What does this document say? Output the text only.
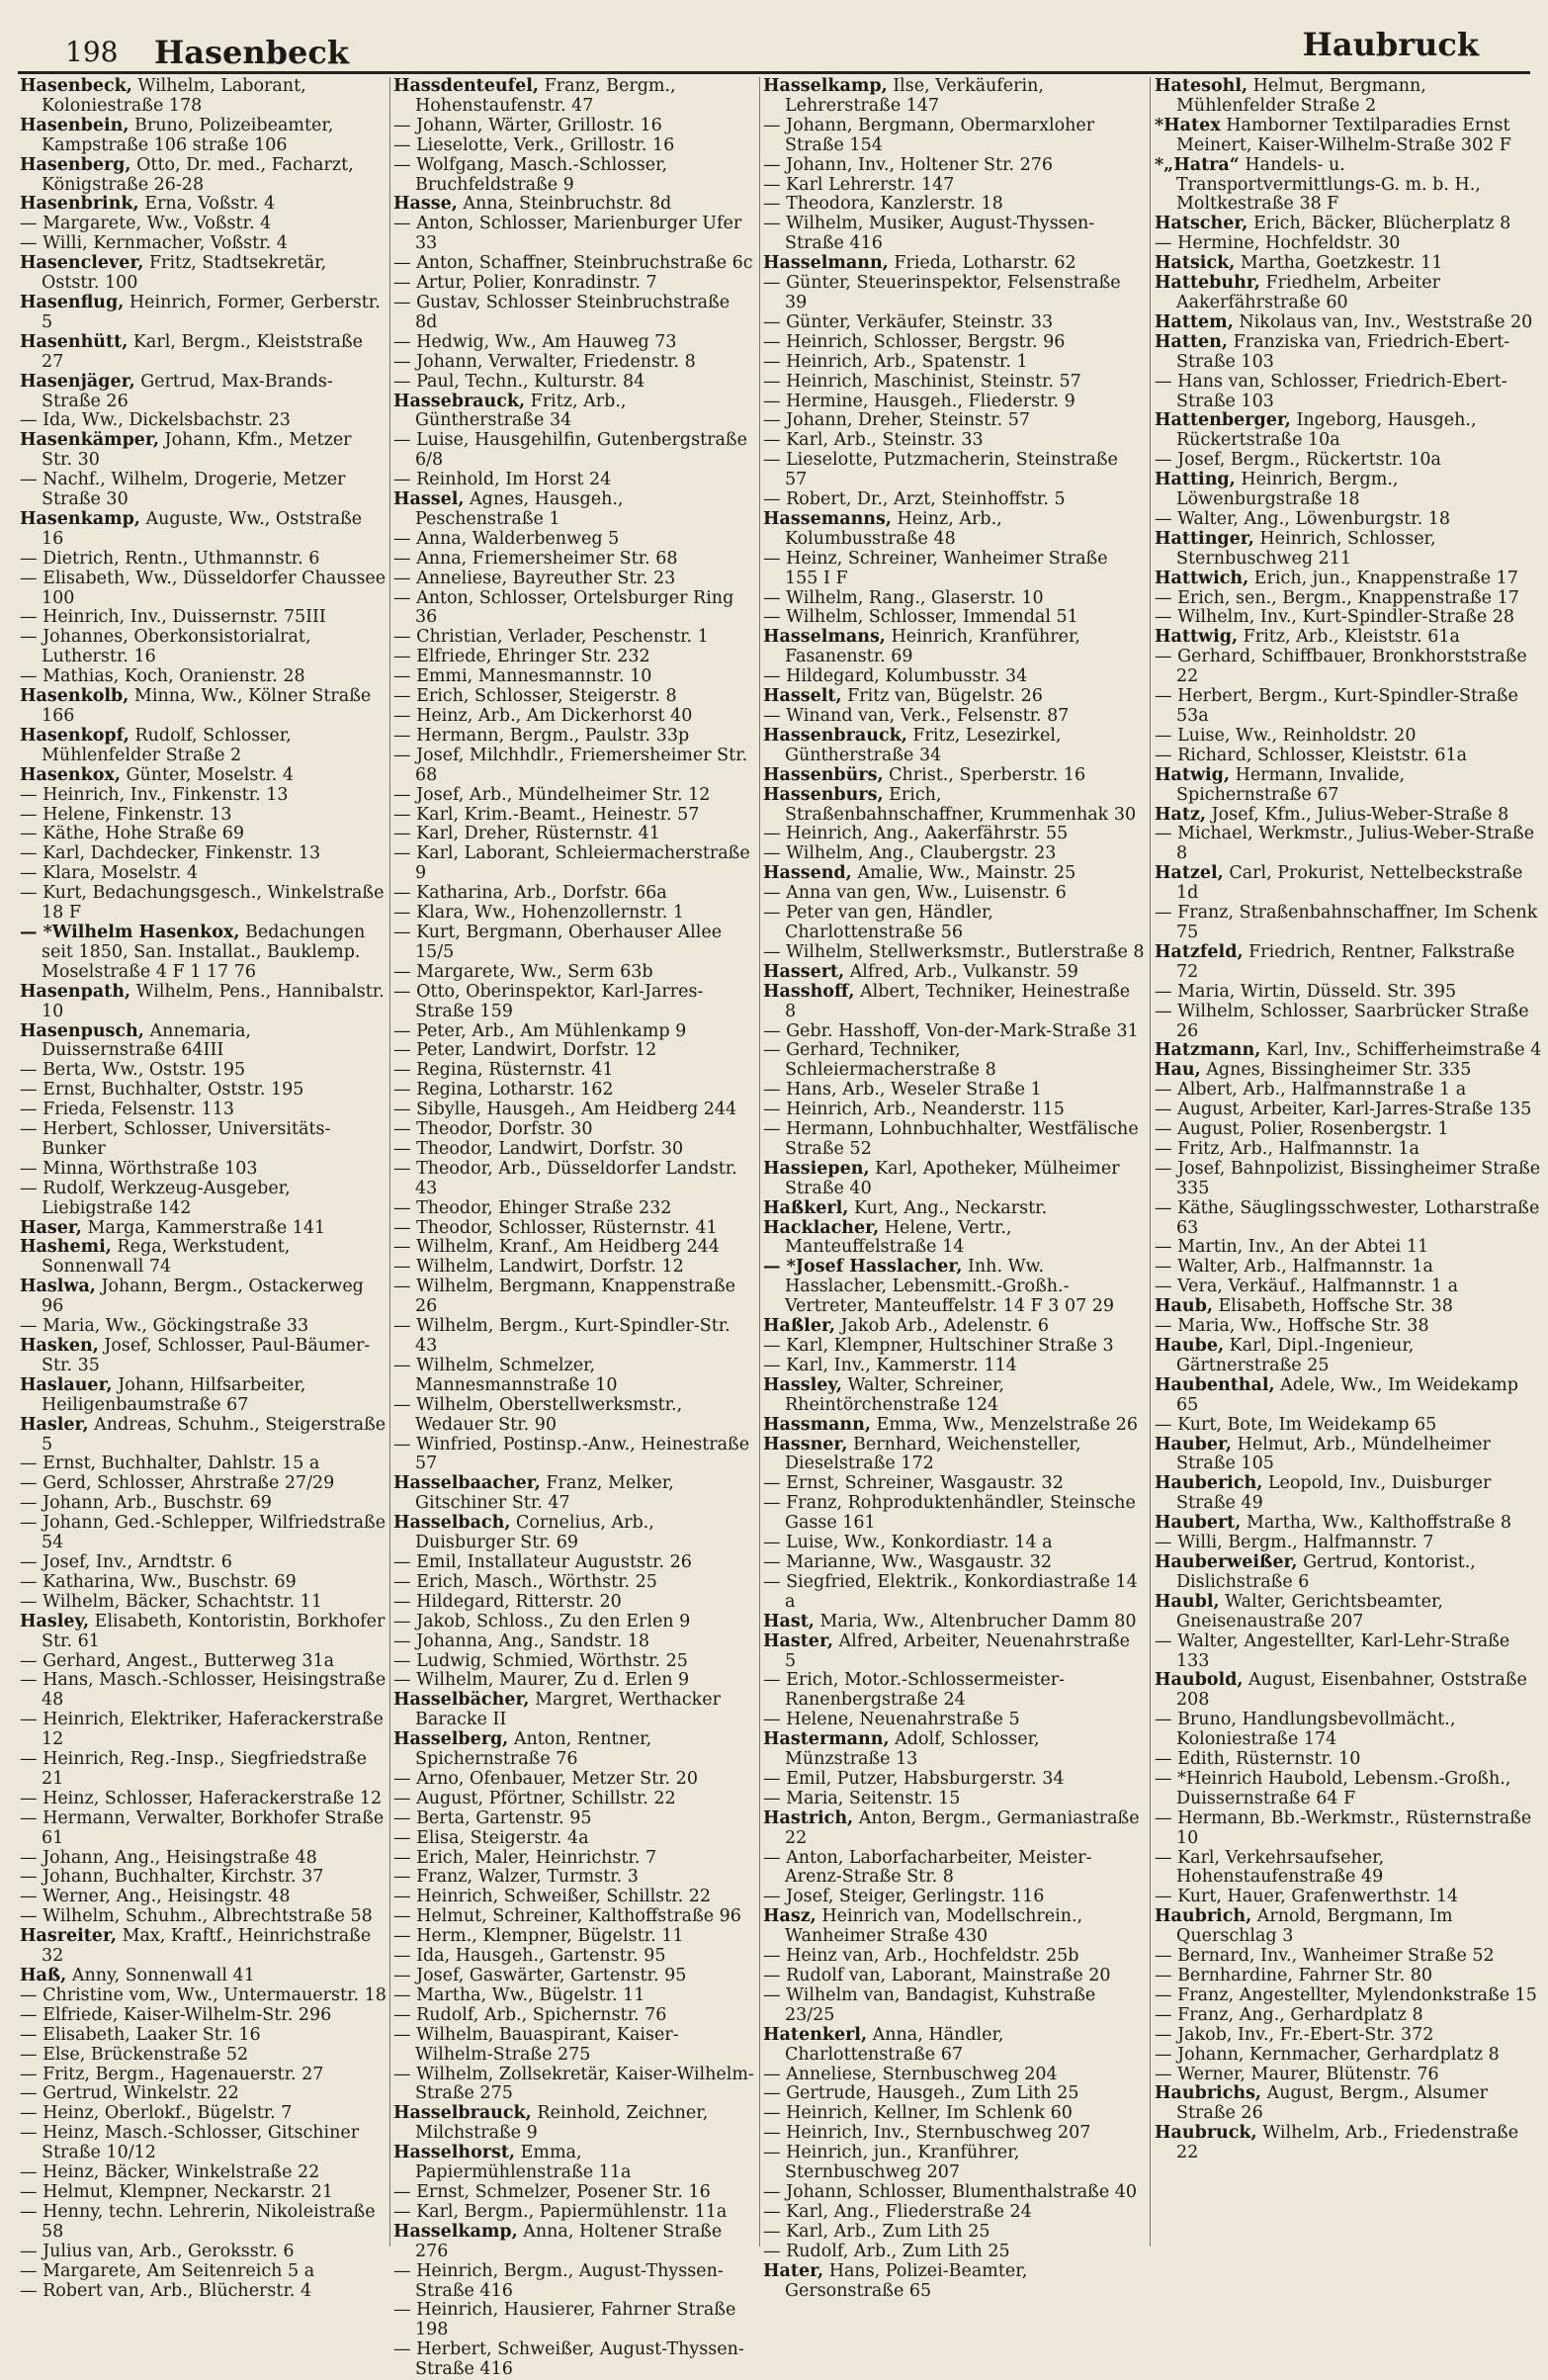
198 Hasenbeck	Haubruck

Hasenbeck, Wilhelm, Laborant, Koloniestraße 178

Hasenbein, Bruno, Polizeibeamter, Kampstraße 106 straße 106

Hasenberg, Otto, Dr. med., Facharzt, Königstraße 26-28

Hasenbrink, Erna, Voßstr. 4

— Margarete, Ww., Voßstr. 4

— Willi, Kernmacher, Voßstr. 4

Hasenclever, Fritz, Stadtsekretär, Oststr. 100

Hasenflug, Heinrich, Former, Gerberstr. 5

Hasenhütt, Karl, Bergm., Kleiststraße 27

Hasenjäger, Gertrud, Max-Brands-Straße 26

— Ida, Ww., Dickelsbachstr. 23

Hasenkämper, Johann, Kfm., Metzer Str. 30

— Nachf., Wilhelm, Drogerie, Metzer Straße 30

Hasenkamp, Auguste, Ww., Oststraße 16

— Dietrich, Rentn., Uthmannstr. 6

— Elisabeth, Ww., Düsseldorfer Chaussee 100

— Heinrich, Inv., Duissernstr. 75III

— Johannes, Oberkonsistorialrat, Lutherstr. 16

— Mathias, Koch, Oranienstr. 28

Hasenkolb, Minna, Ww., Kölner Straße 166

Hasenkopf, Rudolf, Schlosser, Mühlenfelder Straße 2

Hasenkox, Günter, Moselstr. 4

— Heinrich, Inv., Finkenstr. 13

— Helene, Finkenstr. 13

— Käthe, Hohe Straße 69

— Karl, Dachdecker, Finkenstr. 13

— Klara, Moselstr. 4

— Kurt, Bedachungsgesch., Winkelstraße 18 F

— *Wilhelm Hasenkox, Bedachungen seit 1850, San. Installat., Bauklemp. Moselstraße 4 F 1 17 76

Hasenpath, Wilhelm, Pens., Hannibalstr. 10

Hasenpusch, Annemaria, Duissernstraße 64III

— Berta, Ww., Oststr. 195

— Ernst, Buchhalter, Oststr. 195

— Frieda, Felsenstr. 113

— Herbert, Schlosser, Universitäts-Bunker

— Minna, Wörthstraße 103

— Rudolf, Werkzeug-Ausgeber, Liebigstraße 142

Haser, Marga, Kammerstraße 141

Hashemi, Rega, Werkstudent, Sonnenwall 74

Haslwa, Johann, Bergm., Ostackerweg 96

— Maria, Ww., Göckingstraße 33

Hasken, Josef, Schlosser, Paul-Bäumer-Str. 35

Haslauer, Johann, Hilfsarbeiter, Heiligenbaumstraße 67

Hasler, Andreas, Schuhm., Steigerstraße 5

— Ernst, Buchhalter, Dahlstr. 15 a

— Gerd, Schlosser, Ahrstraße 27/29

— Johann, Arb., Buschstr. 69

— Johann, Ged.-Schlepper, Wilfriedstraße 54

— Josef, Inv., Arndtstr. 6

— Katharina, Ww., Buschstr. 69

— Wilhelm, Bäcker, Schachtstr. 11

Hasley, Elisabeth, Kontoristin, Borkhofer Str. 61

— Gerhard, Angest., Butterweg 31a

— Hans, Masch.-Schlosser, Heisingstraße 48

— Heinrich, Elektriker, Haferackerstraße 12

— Heinrich, Reg.-Insp., Siegfriedstraße 21

— Heinz, Schlosser, Haferackerstraße 12

— Hermann, Verwalter, Borkhofer Straße 61

— Johann, Ang., Heisingstraße 48

— Johann, Buchhalter, Kirchstr. 37

— Werner, Ang., Heisingstr. 48

— Wilhelm, Schuhm., Albrechtstraße 58

Hasreiter, Max, Kraftf., Heinrichstraße 32

Haß, Anny, Sonnenwall 41

— Christine vom, Ww., Untermauerstr. 18

— Elfriede, Kaiser-Wilhelm-Str. 296

— Elisabeth, Laaker Str. 16

— Else, Brückenstraße 52

— Fritz, Bergm., Hagenauerstr. 27

— Gertrud, Winkelstr. 22

— Heinz, Oberlokf., Bügelstr. 7

— Heinz, Masch.-Schlosser, Gitschiner Straße 10/12

— Heinz, Bäcker, Winkelstraße 22

— Helmut, Klempner, Neckarstr. 21

— Henny, techn. Lehrerin, Nikoleistraße 58

— Julius van, Arb., Geroksstr. 6

— Margarete, Am Seitenreich 5 a

— Robert van, Arb., Blücherstr. 4

Hassdenteufel, Franz, Bergm., Hohenstaufenstr. 47

— Johann, Wärter, Grillostr. 16

— Lieselotte, Verk., Grillostr. 16

— Wolfgang, Masch.-Schlosser, Bruchfeldstraße 9

Hasse, Anna, Steinbruchstr. 8d

— Anton, Schlosser, Marienburger Ufer 33

— Anton, Schaffner, Steinbruchstraße 6c

— Artur, Polier, Konradinstr. 7

— Gustav, Schlosser Steinbruchstraße 8d

— Hedwig, Ww., Am Hauweg 73

— Johann, Verwalter, Friedenstr. 8

— Paul, Techn., Kulturstr. 84

Hassebrauck, Fritz, Arb., Güntherstraße 34

— Luise, Hausgehilfin, Gutenbergstraße 6/8

— Reinhold, Im Horst 24

Hassel, Agnes, Hausgeh., Peschenstraße 1

— Anna, Walderbenweg 5

— Anna, Friemersheimer Str. 68

— Anneliese, Bayreuther Str. 23

— Anton, Schlosser, Ortelsburger Ring 36

— Christian, Verlader, Peschenstr. 1

— Elfriede, Ehringer Str. 232

— Emmi, Mannesmannstr. 10

— Erich, Schlosser, Steigerstr. 8

— Heinz, Arb., Am Dickerhorst 40

— Hermann, Bergm., Paulstr. 33p

— Josef, Milchhdlr., Friemersheimer Str. 68

— Josef, Arb., Mündelheimer Str. 12

— Karl, Krim.-Beamt., Heinestr. 57

— Karl, Dreher, Rüsternstr. 41

— Karl, Laborant, Schleiermacherstraße 9

— Katharina, Arb., Dorfstr. 66a

— Klara, Ww., Hohenzollernstr. 1

— Kurt, Bergmann, Oberhauser Allee 15/5

— Margarete, Ww., Serm 63b

— Otto, Oberinspektor, Karl-Jarres-Straße 159

— Peter, Arb., Am Mühlenkamp 9

— Peter, Landwirt, Dorfstr. 12

— Regina, Rüsternstr. 41

— Regina, Lotharstr. 162

— Sibylle, Hausgeh., Am Heidberg 244

— Theodor, Dorfstr. 30

— Theodor, Landwirt, Dorfstr. 30

— Theodor, Arb., Düsseldorfer Landstr. 43

— Theodor, Ehinger Straße 232

— Theodor, Schlosser, Rüsternstr. 41

— Wilhelm, Kranf., Am Heidberg 244

— Wilhelm, Landwirt, Dorfstr. 12

— Wilhelm, Bergmann, Knappenstraße 26

— Wilhelm, Bergm., Kurt-Spindler-Str. 43

— Wilhelm, Schmelzer, Mannesmannstraße 10

— Wilhelm, Oberstellwerksmstr., Wedauer Str. 90

— Winfried, Postinsp.-Anw., Heinestraße 57

Hasselbaacher, Franz, Melker, Gitschiner Str. 47

Hasselbach, Cornelius, Arb., Duisburger Str. 69

— Emil, Installateur Auguststr. 26

— Erich, Masch., Wörthstr. 25

— Hildegard, Ritterstr. 20

— Jakob, Schloss., Zu den Erlen 9

— Johanna, Ang., Sandstr. 18

— Ludwig, Schmied, Wörthstr. 25

— Wilhelm, Maurer, Zu d. Erlen 9

Hasselbächer, Margret, Werthacker Baracke II

Hasselberg, Anton, Rentner, Spichernstraße 76

— Arno, Ofenbauer, Metzer Str. 20

— August, Pförtner, Schillstr. 22

— Berta, Gartenstr. 95

— Elisa, Steigerstr. 4a

— Erich, Maler, Heinrichstr. 7

— Franz, Walzer, Turmstr. 3

— Heinrich, Schweißer, Schillstr. 22

— Helmut, Schreiner, Kalthoffstraße 96

— Herm., Klempner, Bügelstr. 11

— Ida, Hausgeh., Gartenstr. 95

— Josef, Gaswärter, Gartenstr. 95

— Martha, Ww., Bügelstr. 11

— Rudolf, Arb., Spichernstr. 76

— Wilhelm, Bauaspirant, Kaiser-Wilhelm-Straße 275

— Wilhelm, Zollsekretär, Kaiser-Wilhelm-Straße 275

Hasselbrauck, Reinhold, Zeichner, Milchstraße 9

Hasselhorst, Emma, Papiermühlenstraße 11a

— Ernst, Schmelzer, Posener Str. 16

— Karl, Bergm., Papiermühlenstr. 11a

Hasselkamp, Anna, Holtener Straße 276

— Heinrich, Bergm., August-Thyssen-Straße 416

— Heinrich, Hausierer, Fahrner Straße 198

— Herbert, Schweißer, August-Thyssen-Straße 416

Hasselkamp, Ilse, Verkäuferin, Lehrerstraße 147

— Johann, Bergmann, Obermarxloher Straße 154

— Johann, Inv., Holtener Str. 276

— Karl Lehrerstr. 147

— Theodora, Kanzlerstr. 18

— Wilhelm, Musiker, August-Thyssen-Straße 416

Hasselmann, Frieda, Lotharstr. 62

— Günter, Steuerinspektor, Felsenstraße 39

— Günter, Verkäufer, Steinstr. 33

— Heinrich, Schlosser, Bergstr. 96

— Heinrich, Arb., Spatenstr. 1

— Heinrich, Maschinist, Steinstr. 57

— Hermine, Hausgeh., Fliederstr. 9

— Johann, Dreher, Steinstr. 57

— Karl, Arb., Steinstr. 33

— Lieselotte, Putzmacherin, Steinstraße 57

— Robert, Dr., Arzt, Steinhoffstr. 5

Hassemanns, Heinz, Arb., Kolumbusstraße 48

— Heinz, Schreiner, Wanheimer Straße 155 I F

— Wilhelm, Rang., Glaserstr. 10

— Wilhelm, Schlosser, Immendal 51

Hasselmans, Heinrich, Kranführer, Fasanenstr. 69

— Hildegard, Kolumbusstr. 34

Hasselt, Fritz van, Bügelstr. 26

— Winand van, Verk., Felsenstr. 87

Hassenbrauck, Fritz, Lesezirkel, Güntherstraße 34

Hassenbürs, Christ., Sperberstr. 16

Hassenburs, Erich, Straßenbahnschaffner, Krummenhak 30

— Heinrich, Ang., Aakerfährstr. 55

— Wilhelm, Ang., Claubergstr. 23

Hassend, Amalie, Ww., Mainstr. 25

— Anna van gen, Ww., Luisenstr. 6

— Peter van gen, Händler, Charlottenstraße 56

— Wilhelm, Stellwerksmstr., Butlerstraße 8

Hassert, Alfred, Arb., Vulkanstr. 59

Hasshoff, Albert, Techniker, Heinestraße 8

— Gebr. Hasshoff, Von-der-Mark-Straße 31

— Gerhard, Techniker, Schleiermacherstraße 8

— Hans, Arb., Weseler Straße 1

— Heinrich, Arb., Neanderstr. 115

— Hermann, Lohnbuchhalter, Westfälische Straße 52

Hassiepen, Karl, Apotheker, Mülheimer Straße 40

Haßkerl, Kurt, Ang., Neckarstr.

Hacklacher, Helene, Vertr., Manteuffelstraße 14

— *Josef Hasslacher, Inh. Ww. Hasslacher, Lebensmitt.-Großh.-Vertreter, Manteuffelstr. 14 F 3 07 29

Haßler, Jakob Arb., Adelenstr. 6

— Karl, Klempner, Hultschiner Straße 3

— Karl, Inv., Kammerstr. 114

Hassley, Walter, Schreiner, Rheintörchenstraße 124

Hassmann, Emma, Ww., Menzelstraße 26

Hassner, Bernhard, Weichensteller, Dieselstraße 172

— Ernst, Schreiner, Wasgaustr. 32

— Franz, Rohproduktenhändler, Steinsche Gasse 161

— Luise, Ww., Konkordiastr. 14 a

— Marianne, Ww., Wasgaustr. 32

— Siegfried, Elektrik., Konkordiastraße 14 a

Hast, Maria, Ww., Altenbrucher Damm 80

Haster, Alfred, Arbeiter, Neuenahrstraße 5

— Erich, Motor.-Schlossermeister-Ranenbergstraße 24

— Helene, Neuenahrstraße 5

Hastermann, Adolf, Schlosser, Münzstraße 13

— Emil, Putzer, Habsburgerstr. 34

— Maria, Seitenstr. 15

Hastrich, Anton, Bergm., Germaniastraße 22

— Anton, Laborfacharbeiter, Meister-Arenz-Straße Str. 8

— Josef, Steiger, Gerlingstr. 116

Hasz, Heinrich van, Modellschrein., Wanheimer Straße 430

— Heinz van, Arb., Hochfeldstr. 25b

— Rudolf van, Laborant, Mainstraße 20

— Wilhelm van, Bandagist, Kuhstraße 23/25

Hatenkerl, Anna, Händler, Charlottenstraße 67

— Anneliese, Sternbuschweg 204

— Gertrude, Hausgeh., Zum Lith 25

— Heinrich, Kellner, Im Schlenk 60

— Heinrich, Inv., Sternbuschweg 207

— Heinrich, jun., Kranführer, Sternbuschweg 207

— Johann, Schlosser, Blumenthalstraße 40

— Karl, Ang., Fliederstraße 24

— Karl, Arb., Zum Lith 25

— Rudolf, Arb., Zum Lith 25

Hater, Hans, Polizei-Beamter, Gersonstraße 65

Hatesohl, Helmut, Bergmann, Mühlenfelder Straße 2

*Hatex Hamborner Textilparadies Ernst Meinert, Kaiser-Wilhelm-Straße 302 F

*„Hatra“ Handels- u. Transportvermittlungs-G. m. b. H., Moltkestraße 38 F

Hatscher, Erich, Bäcker, Blücherplatz 8

— Hermine, Hochfeldstr. 30

Hatsick, Martha, Goetzkestr. 11

Hattebuhr, Friedhelm, Arbeiter Aakerfährstraße 60

Hattem, Nikolaus van, Inv., Weststraße 20

Hatten, Franziska van, Friedrich-Ebert-Straße 103

— Hans van, Schlosser, Friedrich-Ebert-Straße 103

Hattenberger, Ingeborg, Hausgeh., Rückertstraße 10a

— Josef, Bergm., Rückertstr. 10a

Hatting, Heinrich, Bergm., Löwenburgstraße 18

— Walter, Ang., Löwenburgstr. 18

Hattinger, Heinrich, Schlosser, Sternbuschweg 211

Hattwich, Erich, jun., Knappenstraße 17

— Erich, sen., Bergm., Knappenstraße 17

— Wilhelm, Inv., Kurt-Spindler-Straße 28

Hattwig, Fritz, Arb., Kleiststr. 61a

— Gerhard, Schiffbauer, Bronkhorststraße 22

— Herbert, Bergm., Kurt-Spindler-Straße 53a

— Luise, Ww., Reinholdstr. 20

— Richard, Schlosser, Kleiststr. 61a

Hatwig, Hermann, Invalide, Spichernstraße 67

Hatz, Josef, Kfm., Julius-Weber-Straße 8

— Michael, Werkmstr., Julius-Weber-Straße 8

Hatzel, Carl, Prokurist, Nettelbeckstraße 1d

— Franz, Straßenbahnschaffner, Im Schenk 75

Hatzfeld, Friedrich, Rentner, Falkstraße 72

— Maria, Wirtin, Düsseld. Str. 395

— Wilhelm, Schlosser, Saarbrücker Straße 26

Hatzmann, Karl, Inv., Schifferheimstraße 4

Hau, Agnes, Bissingheimer Str. 335

— Albert, Arb., Halfmannstraße 1 a

— August, Arbeiter, Karl-Jarres-Straße 135

— August, Polier, Rosenbergstr. 1

— Fritz, Arb., Halfmannstr. 1a

— Josef, Bahnpolizist, Bissingheimer Straße 335

— Käthe, Säuglingsschwester, Lotharstraße 63

— Martin, Inv., An der Abtei 11

— Walter, Arb., Halfmannstr. 1a

— Vera, Verkäuf., Halfmannstr. 1 a

Haub, Elisabeth, Hoffsche Str. 38

— Maria, Ww., Hoffsche Str. 38

Haube, Karl, Dipl.-Ingenieur, Gärtnerstraße 25

Haubenthal, Adele, Ww., Im Weidekamp 65

— Kurt, Bote, Im Weidekamp 65

Hauber, Helmut, Arb., Mündelheimer Straße 105

Hauberich, Leopold, Inv., Duisburger Straße 49

Haubert, Martha, Ww., Kalthoffstraße 8

— Willi, Bergm., Halfmannstr. 7

Hauberweißer, Gertrud, Kontorist., Dislichstraße 6

Haubl, Walter, Gerichtsbeamter, Gneisenaustraße 207

— Walter, Angestellter, Karl-Lehr-Straße 133

Haubold, August, Eisenbahner, Oststraße 208

— Bruno, Handlungsbevollmächt., Koloniestraße 174

— Edith, Rüsternstr. 10

— *Heinrich Haubold, Lebensm.-Großh., Duissernstraße 64 F

— Hermann, Bb.-Werkmstr., Rüsternstraße 10

— Karl, Verkehrsaufseher, Hohenstaufenstraße 49

— Kurt, Hauer, Grafenwerthstr. 14

Haubrich, Arnold, Bergmann, Im Querschlag 3

— Bernard, Inv., Wanheimer Straße 52

— Bernhardine, Fahrner Str. 80

— Franz, Angestellter, Mylendonkstraße 15

— Franz, Ang., Gerhardplatz 8

— Jakob, Inv., Fr.-Ebert-Str. 372

— Johann, Kernmacher, Gerhardplatz 8

— Werner, Maurer, Blütenstr. 76

Haubrichs, August, Bergm., Alsumer Straße 26

Haubruck, Wilhelm, Arb., Friedenstraße 22
